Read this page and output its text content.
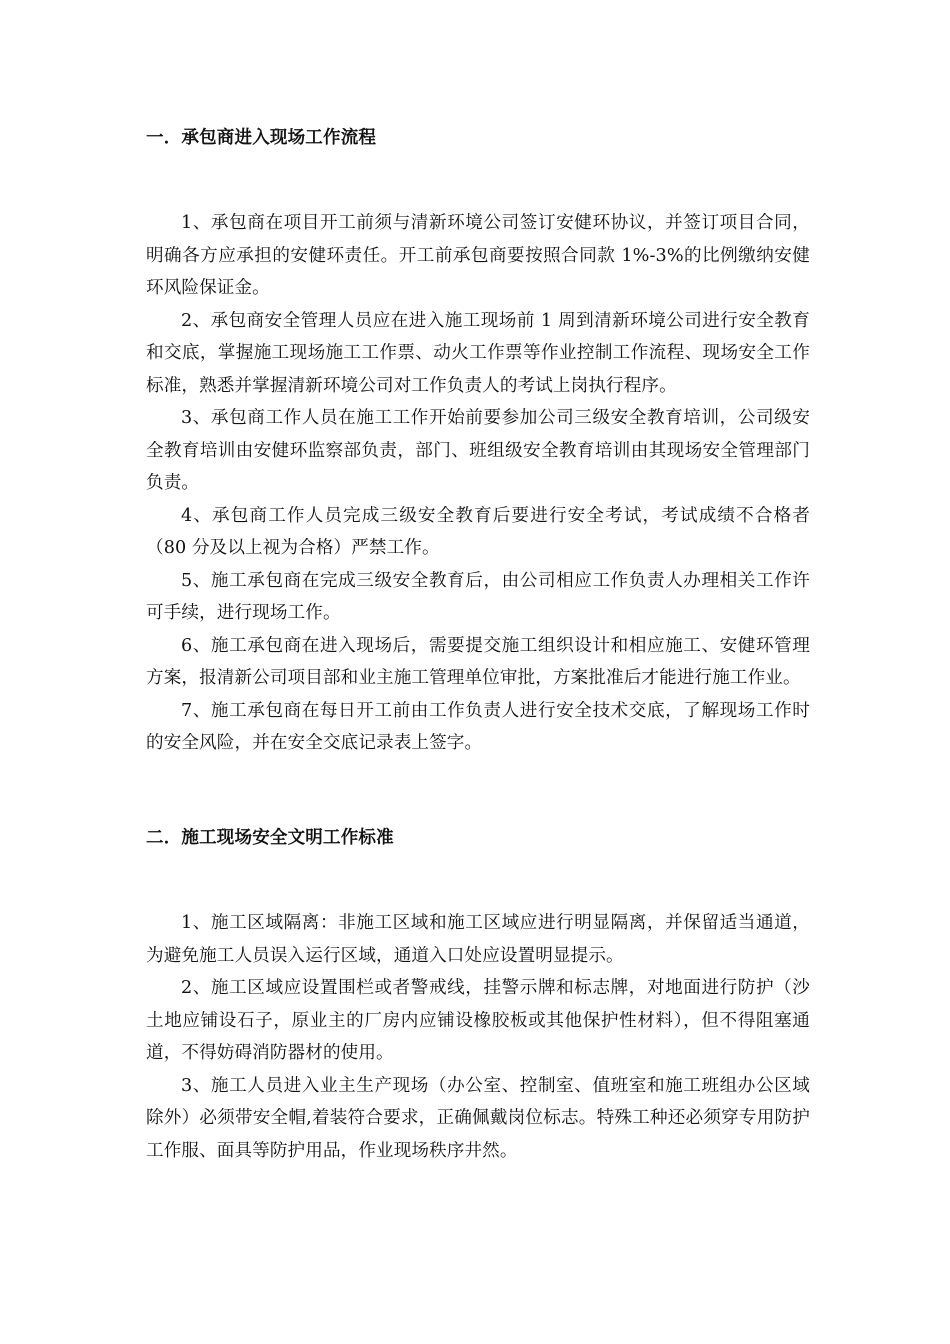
一．承包商进入现场工作流程

1、承包商在项目开工前须与清新环境公司签订安健环协议，并签订项目合同，明确各方应承担的安健环责任。开工前承包商要按照合同款 1%-3%的比例缴纳安健环风险保证金。

2、承包商安全管理人员应在进入施工现场前 1 周到清新环境公司进行安全教育和交底，掌握施工现场施工工作票、动火工作票等作业控制工作流程、现场安全工作标准，熟悉并掌握清新环境公司对工作负责人的考试上岗执行程序。

3、承包商工作人员在施工工作开始前要参加公司三级安全教育培训，公司级安全教育培训由安健环监察部负责，部门、班组级安全教育培训由其现场安全管理部门负责。

4、承包商工作人员完成三级安全教育后要进行安全考试，考试成绩不合格者（80 分及以上视为合格）严禁工作。

5、施工承包商在完成三级安全教育后，由公司相应工作负责人办理相关工作许可手续，进行现场工作。

6、施工承包商在进入现场后，需要提交施工组织设计和相应施工、安健环管理方案，报清新公司项目部和业主施工管理单位审批，方案批准后才能进行施工作业。

7、施工承包商在每日开工前由工作负责人进行安全技术交底，了解现场工作时的安全风险，并在安全交底记录表上签字。

二．施工现场安全文明工作标准

1、施工区域隔离：非施工区域和施工区域应进行明显隔离，并保留适当通道，为避免施工人员误入运行区域，通道入口处应设置明显提示。

2、施工区域应设置围栏或者警戒线，挂警示牌和标志牌，对地面进行防护（沙土地应铺设石子，原业主的厂房内应铺设橡胶板或其他保护性材料），但不得阻塞通道，不得妨碍消防器材的使用。

3、施工人员进入业主生产现场（办公室、控制室、值班室和施工班组办公区域除外）必须带安全帽,着装符合要求，正确佩戴岗位标志。特殊工种还必须穿专用防护工作服、面具等防护用品，作业现场秩序井然。
